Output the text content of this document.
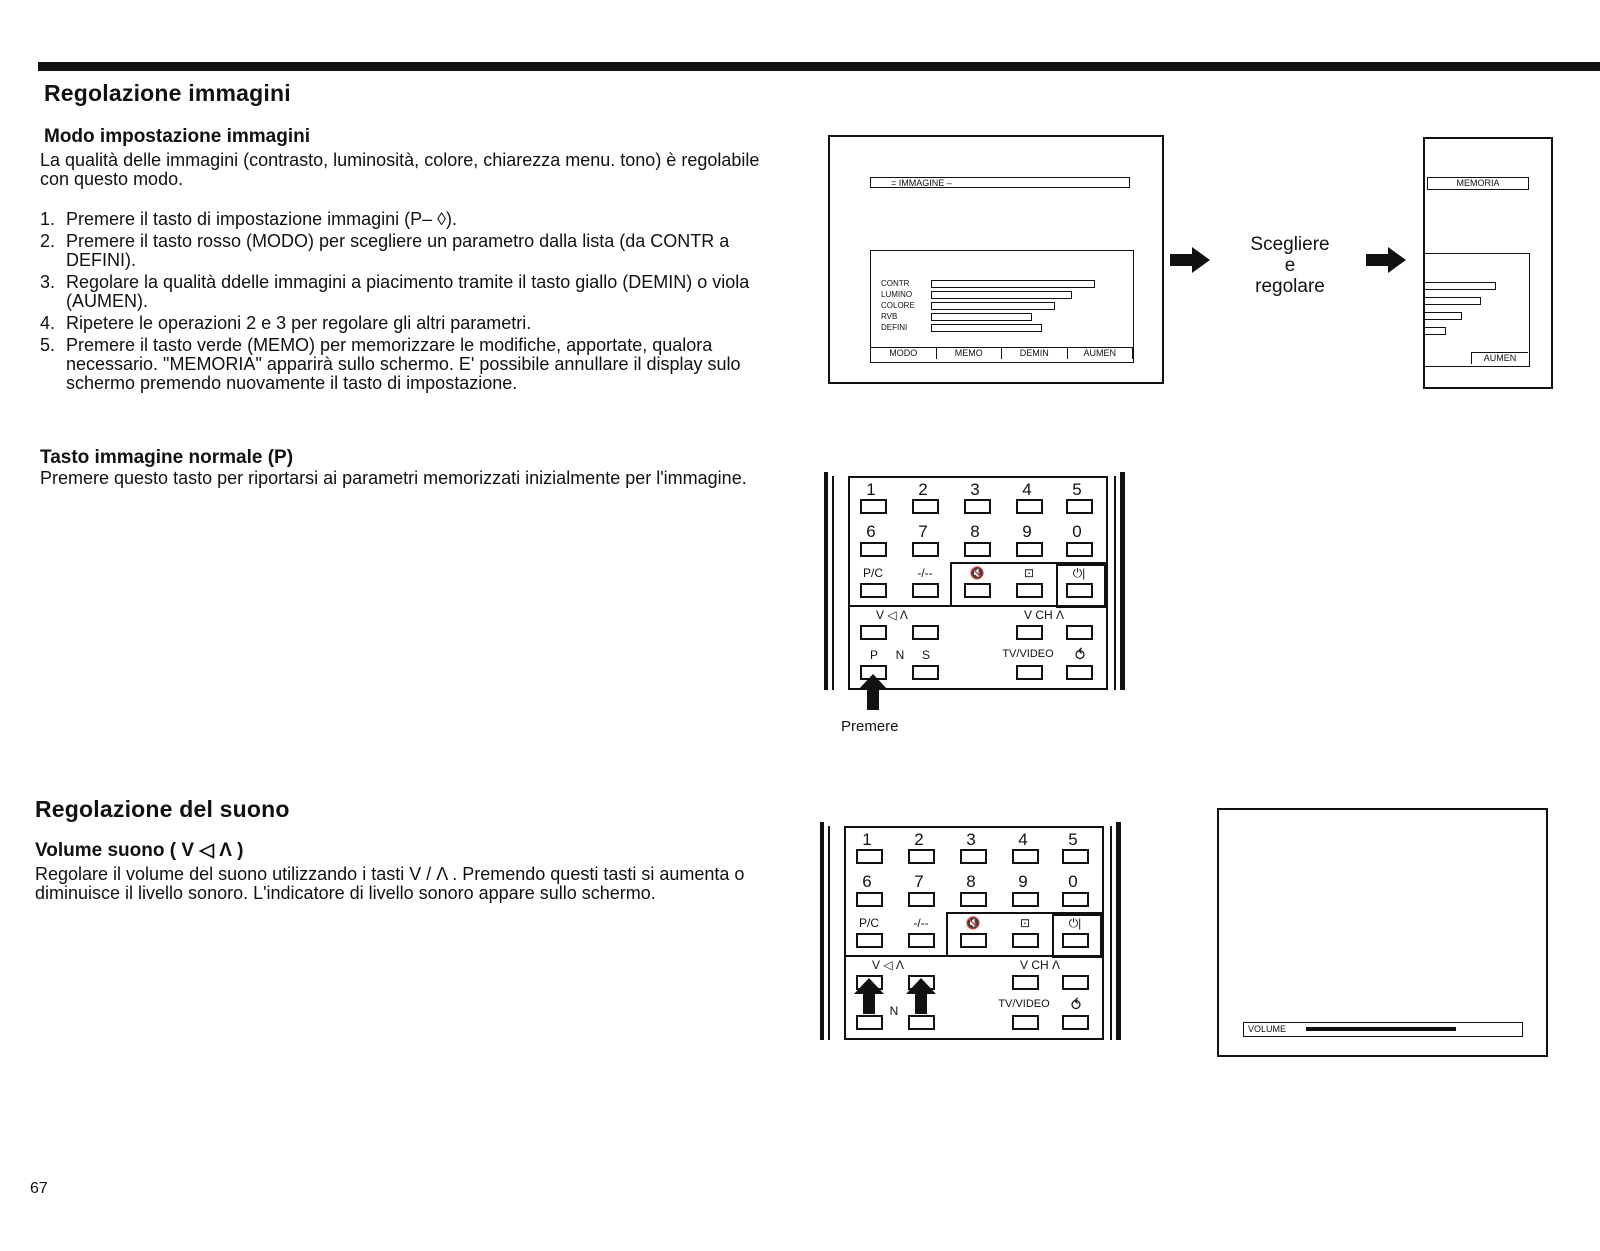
Regolazione immagini
Modo impostazione immagini
La qualità delle immagini (contrasto, luminosità, colore, chiarezza menu. tono) è regolabile con questo modo.
1. Premere il tasto di impostazione immagini (P– ◊).
2. Premere il tasto rosso (MODO) per scegliere un parametro dalla lista (da CONTR a DEFINI).
3. Regolare la qualità ddelle immagini a piacimento tramite il tasto giallo (DEMIN) o viola (AUMEN).
4. Ripetere le operazioni 2 e 3 per regolare gli altri parametri.
5. Premere il tasto verde (MEMO) per memorizzare le modifiche, apportate, qualora necessario. "MEMORIA" apparirà sullo schermo. E' possibile annullare il display sulo schermo premendo nuovamente il tasto di impostazione.
Tasto immagine normale (P)
Premere questo tasto per riportarsi ai parametri memorizzati inizialmente per l'immagine.
= IMMAGINE –
CONTR
LUMINO
COLORE
RVB
DEFINI
MODO	MEMO	DEMIN	AUMEN
Scegliere
e
regolare
MEMORIA
AUMEN
1	2	3	4	5
6	7	8	9	0
P/C	-/--	🔇	⊡	⏻|
V ◁ Λ	V CH Λ
P N S	TV/VIDEO	⥀
Premere
Regolazione del suono
Volume suono ( V ◁ Λ )
Regolare il volume del suono utilizzando i tasti V / Λ . Premendo questi tasti si aumenta o diminuisce il livello sonoro. L'indicatore di livello sonoro appare sullo schermo.
1	2	3	4	5
6	7	8	9	0
P/C	-/--	🔇	⊡	⏻|
V ◁ Λ	V CH Λ
N	TV/VIDEO	⥀
VOLUME
67
